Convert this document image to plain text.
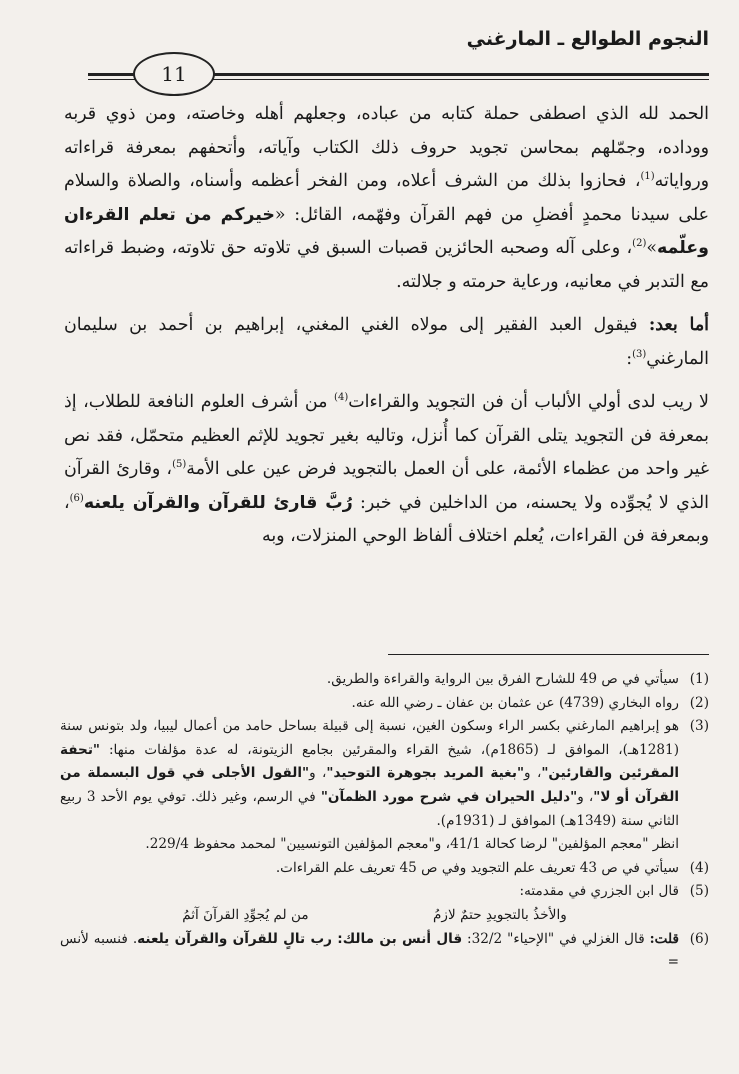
النجوم الطوالع ـ المارغني
11

الحمد لله الذي اصطفى حملة كتابه من عباده، وجعلهم أهله وخاصته، ومن ذوي قربه ووداده، وجمّلهم بمحاسن تجويد حروف ذلك الكتاب وآياته، وأتحفهم بمعرفة قراءاته ورواياته$^{(1)}$، فحازوا بذلك من الشرف أعلاه، ومن الفخر أعظمه وأسناه، والصلاة والسلام على سيدنا محمدٍ أفضلِ من فهم القرآن وفهّمه، القائل: «خيركم من تعلم القرءان وعلّمه»$^{(2)}$، وعلى آله وصحبه الحائزين قصبات السبق في تلاوته حق تلاوته، وضبط قراءاته مع التدبر في معانيه، ورعاية حرمته و جلالته.

أما بعد: فيقول العبد الفقير إلى مولاه الغني المغني، إبراهيم بن أحمد بن سليمان المارغني$^{(3)}$:

لا ريب لدى أولي الألباب أن فن التجويد والقراءات$^{(4)}$ من أشرف العلوم النافعة للطلاب، إذ بمعرفة فن التجويد يتلى القرآن كما أُنزل، وتاليه بغير تجويد للإثم العظيم متحمّل، فقد نص غير واحد من عظماء الأئمة، على أن العمل بالتجويد فرض عين على الأمة$^{(5)}$، وقارئ القرآن الذي لا يُجوِّده ولا يحسنه، من الداخلين في خبر: رُبَّ قارئ للقرآن والقرآن يلعنه$^{(6)}$، وبمعرفة فن القراءات، يُعلم اختلاف ألفاظ الوحي المنزلات، وبه

(1)
سيأتي في ص 49 للشارح الفرق بين الرواية والقراءة والطريق.
(2)
رواه البخاري (4739) عن عثمان بن عفان ـ رضي الله عنه.
(3)
هو إبراهيم المارغني بكسر الراء وسكون الغين، نسبة إلى قبيلة بساحل حامد من أعمال ليبيا، ولد بتونس سنة (1281هـ)، الموافق لـ (1865م)، شيخ القراء والمقرئين بجامع الزيتونة، له عدة مؤلفات منها: "تحفة المقرئين والقارئين"، و"بغية المريد بجوهرة التوحيد"، و"القول الأجلى في قول البسملة من القرآن أو لا"، و"دليل الحيران في شرح مورد الظمآن" في الرسم، وغير ذلك. توفي يوم الأحد 3 ربيع الثاني سنة (1349هـ) الموافق لـ (1931م).
انظر "معجم المؤلفين" لرضا كحالة 41/1، و"معجم المؤلفين التونسيين" لمحمد محفوظ 229/4.
(4)
سيأتي في ص 43 تعريف علم التجويد وفي ص 45 تعريف علم القراءات.
(5)
قال ابن الجزري في مقدمته:
والأخذُ بالتجويدِ حتمٌ لازمُ
من لم يُجوِّدِ القرآنَ آثمُ
(6)
قلت: قال الغزلي في "الإحياء" 32/2: قال أنس بن مالك: رب تالٍ للقرآن والقرآن يلعنه. فنسبه لأنس =
